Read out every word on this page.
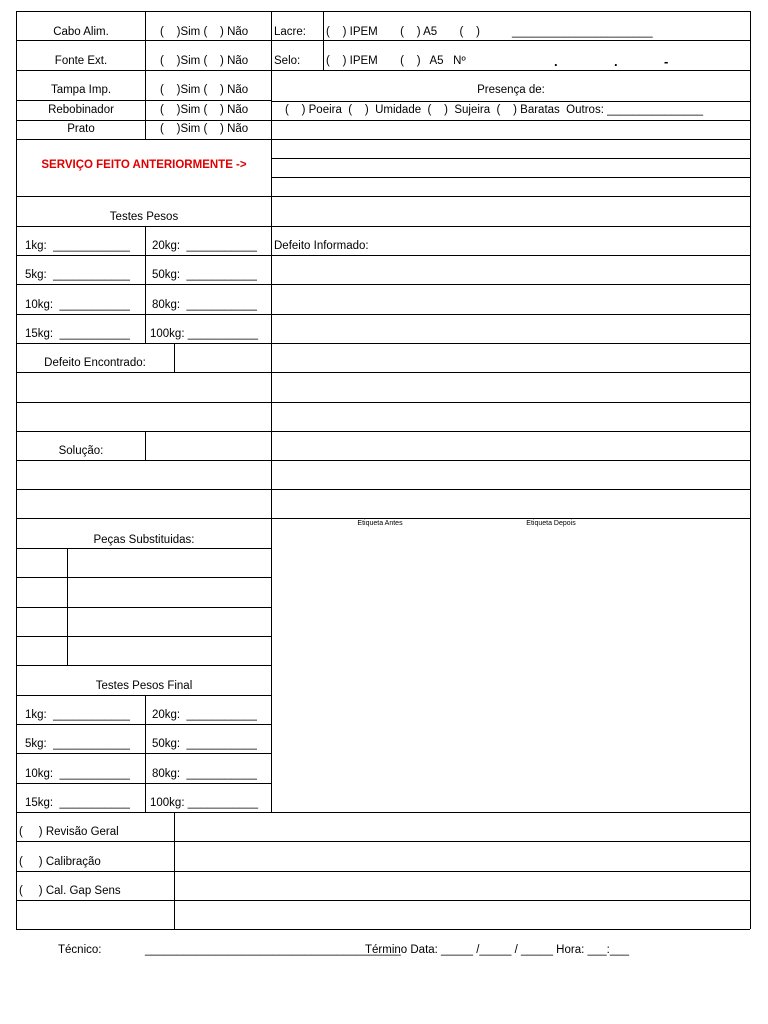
Cabo Alim.	(    )Sim (    ) Não Lacre: (    ) IPEM       (    ) A5       (    )	______________________
Fonte Ext.	(    )Sim (    ) Não Selo: (    ) IPEM       (    )   A5   Nº	.	.	-
Tampa Imp.	(    )Sim (    ) Não	Presença de:
Rebobinador	(    )Sim (    ) Não	(    ) Poeira  (    )  Umidade  (    )  Sujeira  (    ) Baratas  Outros: _______________
Prato	(    )Sim (    ) Não
SERVIÇO FEITO ANTERIORMENTE ->
Testes Pesos
1kg:  ____________ 20kg:  ___________ Defeito Informado:
5kg:  ____________ 50kg:  ___________
10kg:  ___________ 80kg:  ___________
15kg:  ___________ 100kg: ___________
Defeito Encontrado:
Solução:
Peças Substituidas:
Etiqueta Antes	Etiqueta Depois
Testes Pesos Final
1kg:  ____________ 20kg:  ___________
5kg:  ____________ 50kg:  ___________
10kg:  ___________ 80kg:  ___________
15kg:  ___________ 100kg: ___________
(     ) Revisão Geral
(     ) Calibração
(     ) Cal. Gap Sens
Técnico:	________________________________________
Término Data: _____ /_____ / _____ Hora: ___:___
